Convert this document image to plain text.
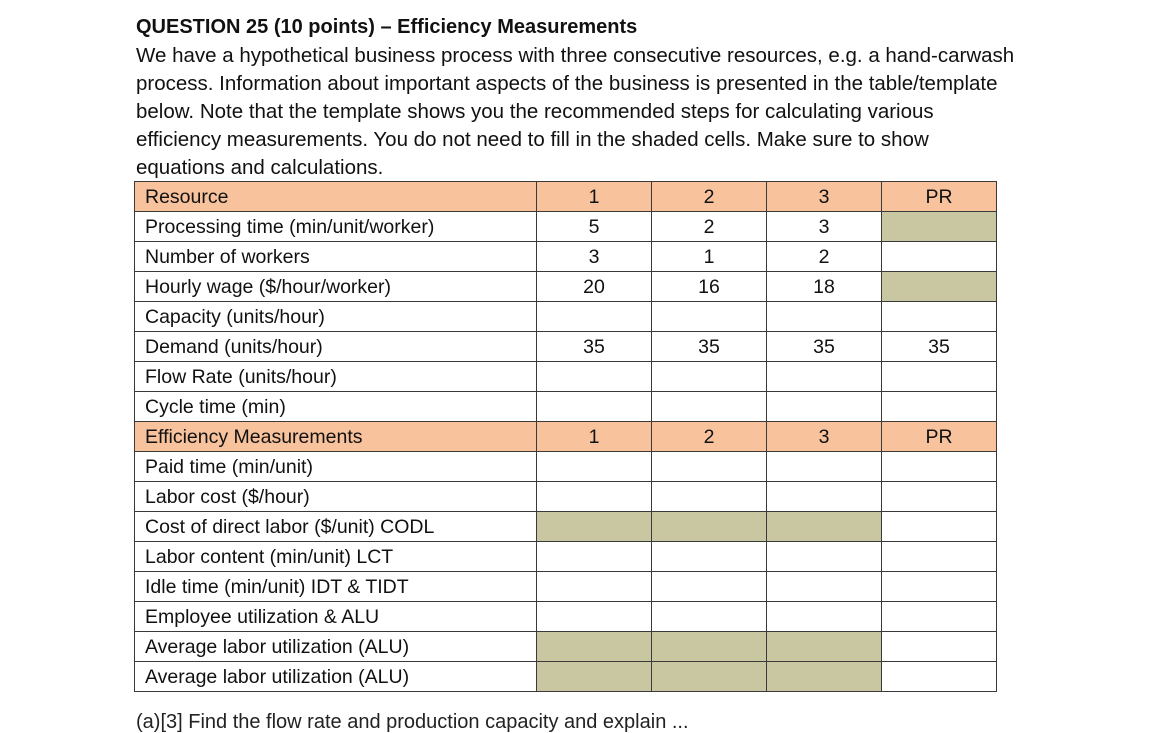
QUESTION 25 (10 points) – Efficiency Measurements
We have a hypothetical business process with three consecutive resources, e.g. a hand-carwash
process. Information about important aspects of the business is presented in the table/template
below. Note that the template shows you the recommended steps for calculating various
efficiency measurements. You do not need to fill in the shaded cells. Make sure to show
equations and calculations.
Resource	1	2	3	PR
Processing time (min/unit/worker)	5	2	3	
Number of workers	3	1	2	
Hourly wage ($/hour/worker)	20	16	18	
Capacity (units/hour)				
Demand (units/hour)	35	35	35	35
Flow Rate (units/hour)				
Cycle time (min)				
Efficiency Measurements	1	2	3	PR
Paid time (min/unit)				
Labor cost ($/hour)				
Cost of direct labor ($/unit) CODL				
Labor content (min/unit) LCT				
Idle time (min/unit) IDT & TIDT				
Employee utilization & ALU				
Average labor utilization (ALU)				
Average labor utilization (ALU)				
(a)[3] Find the flow rate and production capacity and explain ...
